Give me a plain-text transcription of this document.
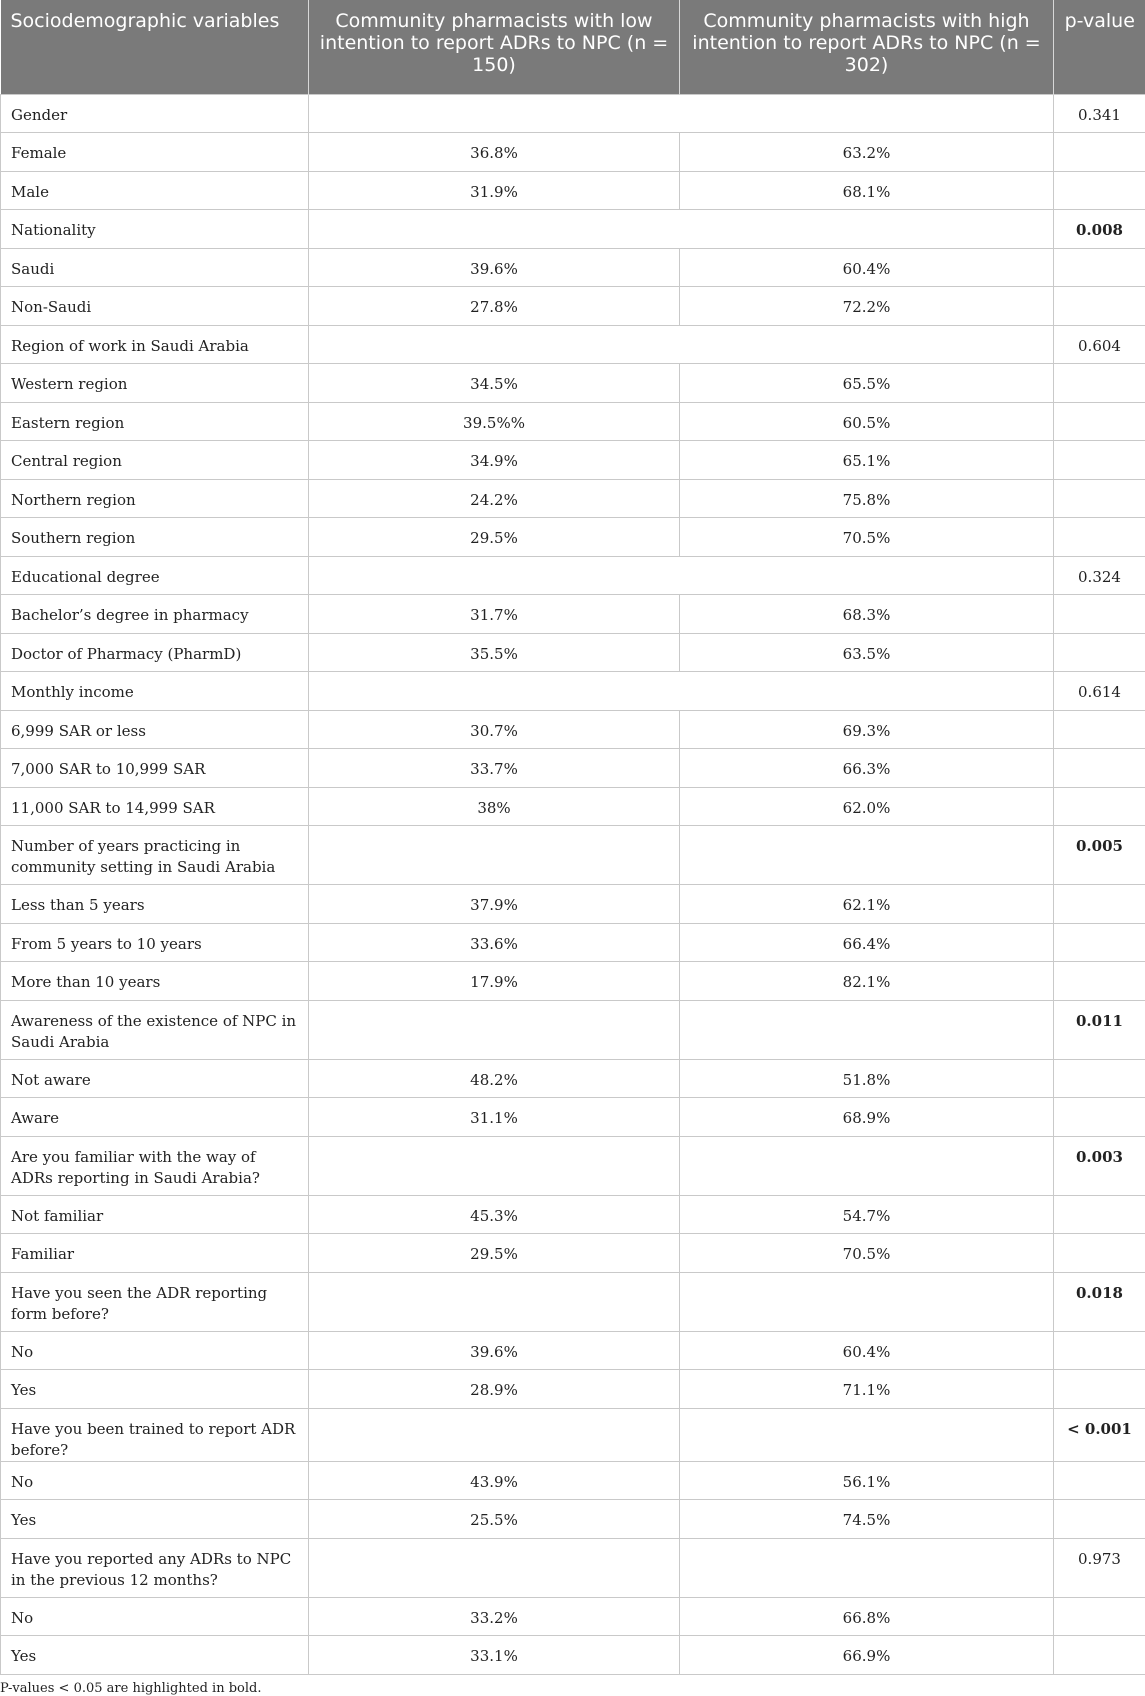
Sociodemographic variables	Community pharmacists with low intention to report ADRs to NPC (n = 150)	Community pharmacists with high intention to report ADRs to NPC (n = 302)	p-value
Gender			0.341
Female	36.8%	63.2%	
Male	31.9%	68.1%	
Nationality			0.008
Saudi	39.6%	60.4%	
Non-Saudi	27.8%	72.2%	
Region of work in Saudi Arabia			0.604
Western region	34.5%	65.5%	
Eastern region	39.5%%	60.5%	
Central region	34.9%	65.1%	
Northern region	24.2%	75.8%	
Southern region	29.5%	70.5%	
Educational degree			0.324
Bachelor’s degree in pharmacy	31.7%	68.3%	
Doctor of Pharmacy (PharmD)	35.5%	63.5%	
Monthly income			0.614
6,999 SAR or less	30.7%	69.3%	
7,000 SAR to 10,999 SAR	33.7%	66.3%	
11,000 SAR to 14,999 SAR	38%	62.0%	
Number of years practicing in community setting in Saudi Arabia			0.005
Less than 5 years	37.9%	62.1%	
From 5 years to 10 years	33.6%	66.4%	
More than 10 years	17.9%	82.1%	
Awareness of the existence of NPC in Saudi Arabia			0.011
Not aware	48.2%	51.8%	
Aware	31.1%	68.9%	
Are you familiar with the way of ADRs reporting in Saudi Arabia?			0.003
Not familiar	45.3%	54.7%	
Familiar	29.5%	70.5%	
Have you seen the ADR reporting form before?			0.018
No	39.6%	60.4%	
Yes	28.9%	71.1%	
Have you been trained to report ADR before?			< 0.001
No	43.9%	56.1%	
Yes	25.5%	74.5%	
Have you reported any ADRs to NPC in the previous 12 months?			0.973
No	33.2%	66.8%	
Yes	33.1%	66.9%	
P-values < 0.05 are highlighted in bold.
